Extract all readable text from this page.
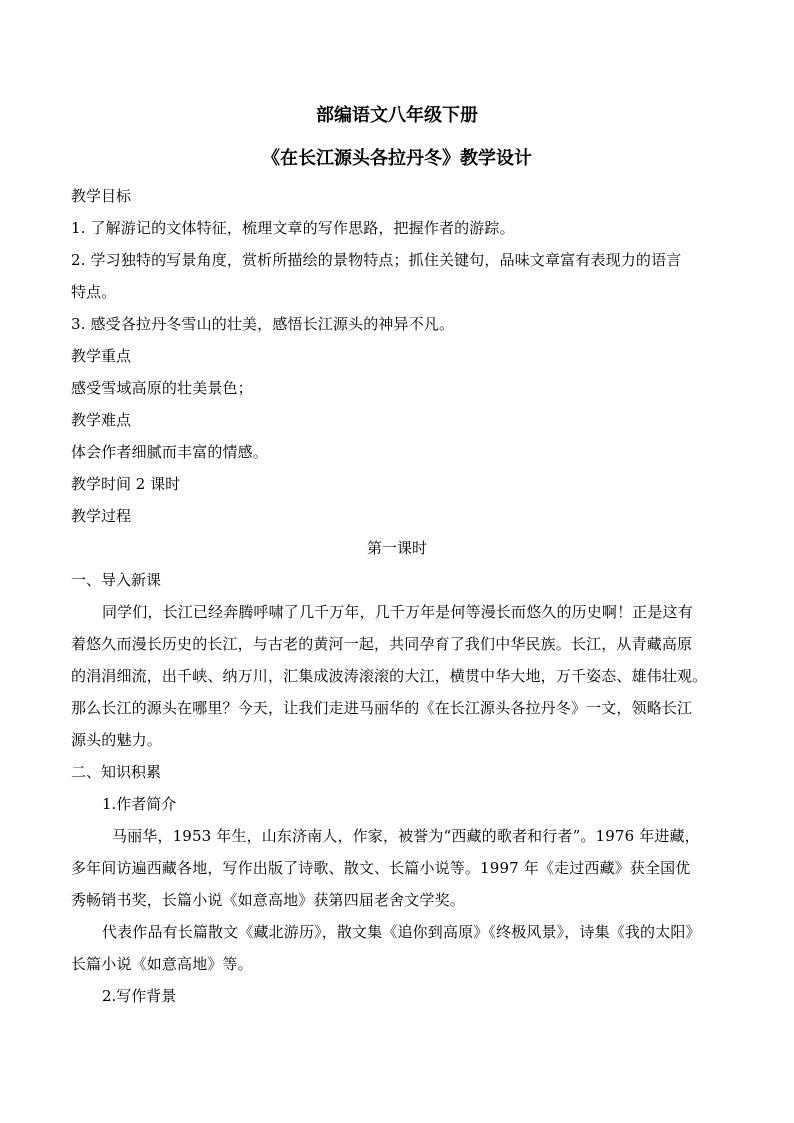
部编语文八年级下册
《在长江源头各拉丹冬》教学设计
教学目标
1. 了解游记的文体特征，梳理文章的写作思路，把握作者的游踪。
2. 学习独特的写景角度，赏析所描绘的景物特点；抓住关键句，品味文章富有表现力的语言
特点。
3. 感受各拉丹冬雪山的壮美，感悟长江源头的神异不凡。
教学重点
感受雪域高原的壮美景色；
教学难点
体会作者细腻而丰富的情感。
教学时间 2 课时
教学过程
第一课时
一、导入新课
同学们，长江已经奔腾呼啸了几千万年，几千万年是何等漫长而悠久的历史啊！正是这有
着悠久而漫长历史的长江，与古老的黄河一起，共同孕育了我们中华民族。长江，从青藏高原
的涓涓细流，出千峡、纳万川，汇集成波涛滚滚的大江，横贯中华大地，万千姿态、雄伟壮观。
那么长江的源头在哪里？今天，让我们走进马丽华的《在长江源头各拉丹冬》一文，领略长江
源头的魅力。
二、知识积累
1.作者简介
马丽华，1953 年生，山东济南人，作家，被誉为“西藏的歌者和行者”。1976 年进藏，
多年间访遍西藏各地，写作出版了诗歌、散文、长篇小说等。1997 年《走过西藏》获全国优
秀畅销书奖，长篇小说《如意高地》获第四届老舍文学奖。
代表作品有长篇散文《藏北游历》，散文集《追你到高原》《终极风景》，诗集《我的太阳》
长篇小说《如意高地》等。
2.写作背景
